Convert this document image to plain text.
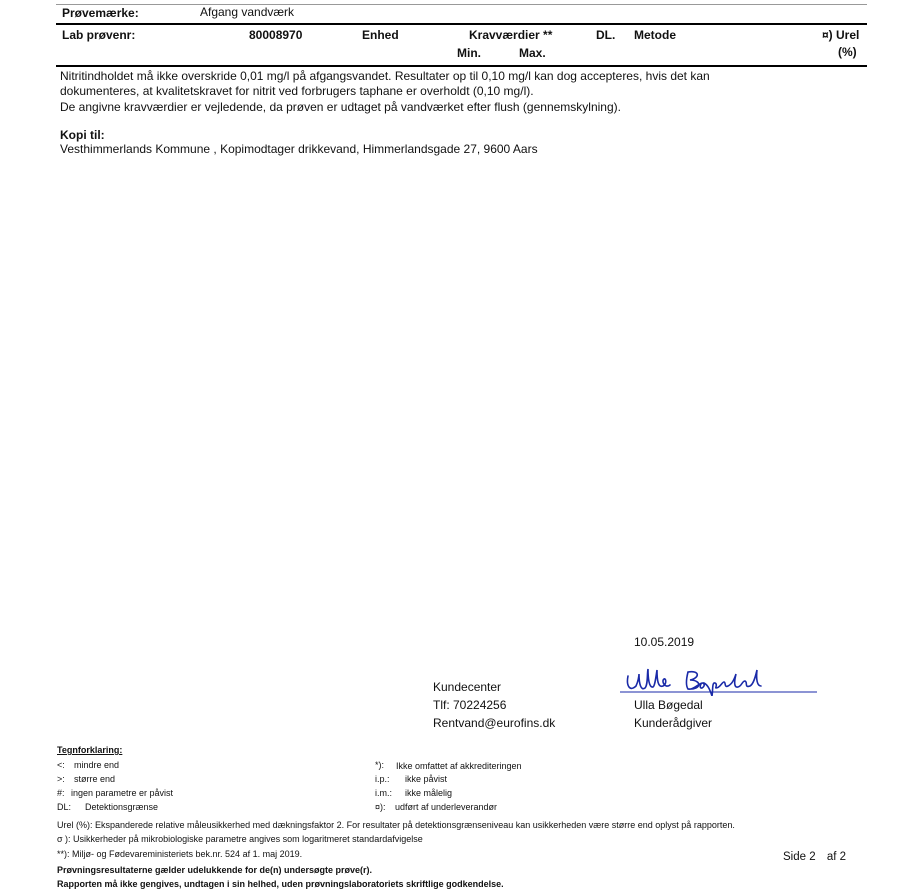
Prøvemærke:	Afgang vandværk
Lab prøvenr:	80008970	Enhed	Kravværdier **	DL. Metode	¤) Urel
Min.	Max.	(%)
Nitritindholdet må ikke overskride 0,01 mg/l på afgangsvandet. Resultater op til 0,10 mg/l kan dog accepteres, hvis det kan
dokumenteres, at kvalitetskravet for nitrit ved forbrugers taphane er overholdt (0,10 mg/l).
De angivne kravværdier er vejledende, da prøven er udtaget på vandværket efter flush (gennemskylning).
Kopi til:
Vesthimmerlands Kommune , Kopimodtager drikkevand, Himmerlandsgade 27, 9600 Aars
10.05.2019
Kundecenter
Tlf: 70224256
Rentvand@eurofins.dk
Ulla Bøgedal
Kunderådgiver
Tegnforklaring:
<: mindre end
>: større end
#: ingen parametre er påvist
DL: Detektionsgrænse
*): Ikke omfattet af akkrediteringen
i.p.: ikke påvist
i.m.: ikke målelig
¤): udført af underleverandør
Urel (%): Ekspanderede relative måleusikkerhed med dækningsfaktor 2. For resultater på detektionsgrænseniveau kan usikkerheden være større end oplyst på rapporten.
σ ): Usikkerheder på mikrobiologiske parametre angives som logaritmeret standardafvigelse
**): Miljø- og Fødevareministeriets bek.nr. 524 af 1. maj 2019.
Prøvningsresultaterne gælder udelukkende for de(n) undersøgte prøve(r).
Rapporten må ikke gengives, undtagen i sin helhed, uden prøvningslaboratoriets skriftlige godkendelse.
Side 2 af 2
